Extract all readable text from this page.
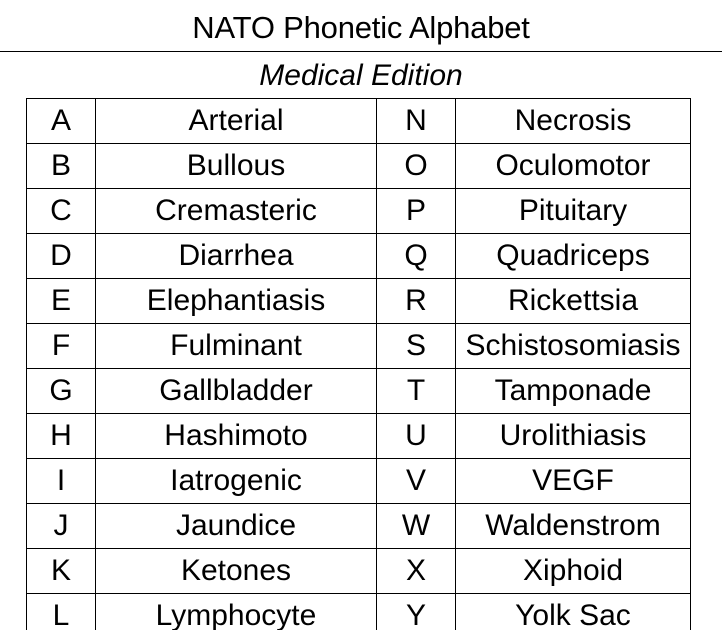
NATO Phonetic Alphabet
Medical Edition
A	Arterial	N	Necrosis
B	Bullous	O	Oculomotor
C	Cremasteric	P	Pituitary
D	Diarrhea	Q	Quadriceps
E	Elephantiasis	R	Rickettsia
F	Fulminant	S	Schistosomiasis
G	Gallbladder	T	Tamponade
H	Hashimoto	U	Urolithiasis
I	Iatrogenic	V	VEGF
J	Jaundice	W	Waldenstrom
K	Ketones	X	Xiphoid
L	Lymphocyte	Y	Yolk Sac
